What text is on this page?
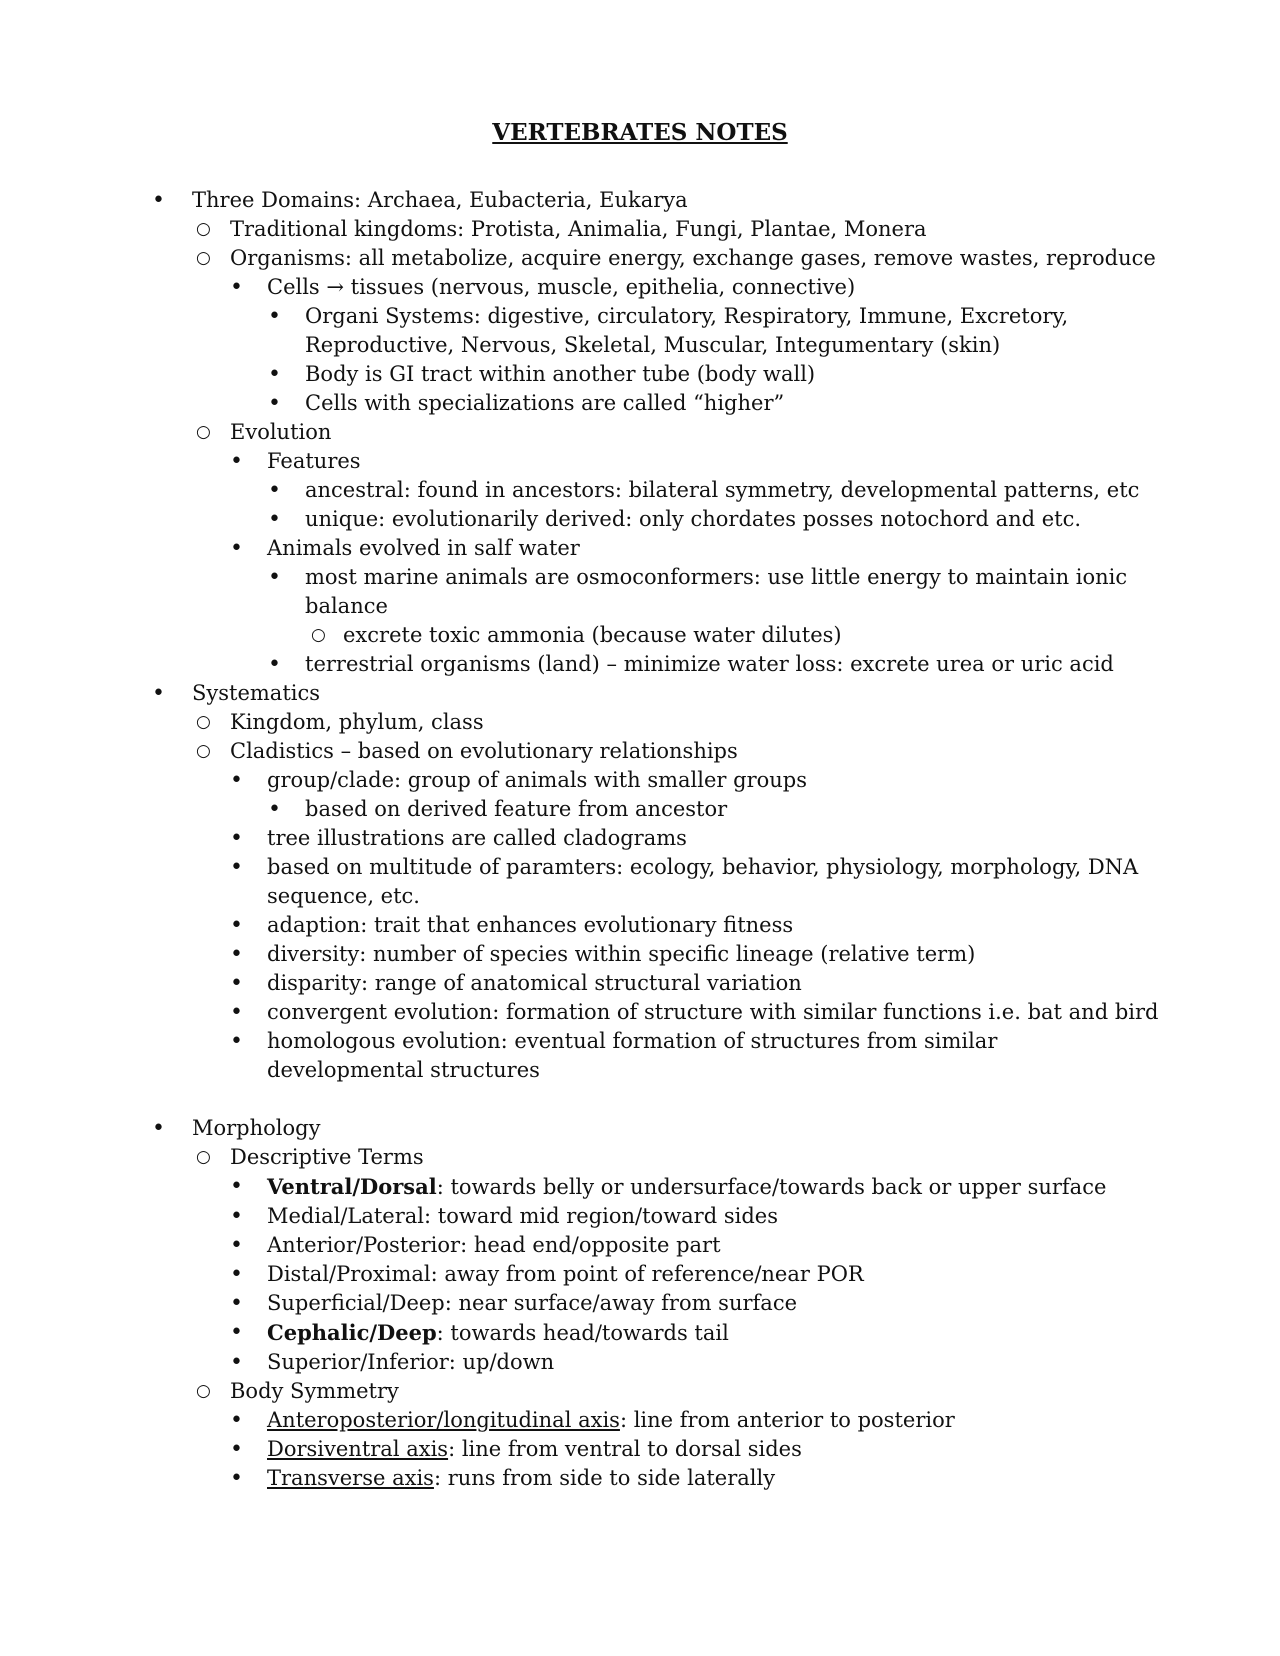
VERTEBRATES NOTES
• Three Domains: Archaea, Eubacteria, Eukarya
○ Traditional kingdoms: Protista, Animalia, Fungi, Plantae, Monera
○ Organisms: all metabolize, acquire energy, exchange gases, remove wastes, reproduce
• Cells → tissues (nervous, muscle, epithelia, connective)
• Organi Systems: digestive, circulatory, Respiratory, Immune, Excretory, Reproductive, Nervous, Skeletal, Muscular, Integumentary (skin)
• Body is GI tract within another tube (body wall)
• Cells with specializations are called “higher”
○ Evolution
• Features
• ancestral: found in ancestors: bilateral symmetry, developmental patterns, etc
• unique: evolutionarily derived: only chordates posses notochord and etc.
• Animals evolved in salf water
• most marine animals are osmoconformers: use little energy to maintain ionic balance
○ excrete toxic ammonia (because water dilutes)
• terrestrial organisms (land) – minimize water loss: excrete urea or uric acid
• Systematics
○ Kingdom, phylum, class
○ Cladistics – based on evolutionary relationships
• group/clade: group of animals with smaller groups
• based on derived feature from ancestor
• tree illustrations are called cladograms
• based on multitude of paramters: ecology, behavior, physiology, morphology, DNA sequence, etc.
• adaption: trait that enhances evolutionary fitness
• diversity: number of species within specific lineage (relative term)
• disparity: range of anatomical structural variation
• convergent evolution: formation of structure with similar functions i.e. bat and bird
• homologous evolution: eventual formation of structures from similar developmental structures
• Morphology
○ Descriptive Terms
• Ventral/Dorsal: towards belly or undersurface/towards back or upper surface
• Medial/Lateral: toward mid region/toward sides
• Anterior/Posterior: head end/opposite part
• Distal/Proximal: away from point of reference/near POR
• Superficial/Deep: near surface/away from surface
• Cephalic/Deep: towards head/towards tail
• Superior/Inferior: up/down
○ Body Symmetry
• Anteroposterior/longitudinal axis: line from anterior to posterior
• Dorsiventral axis: line from ventral to dorsal sides
• Transverse axis: runs from side to side laterally
